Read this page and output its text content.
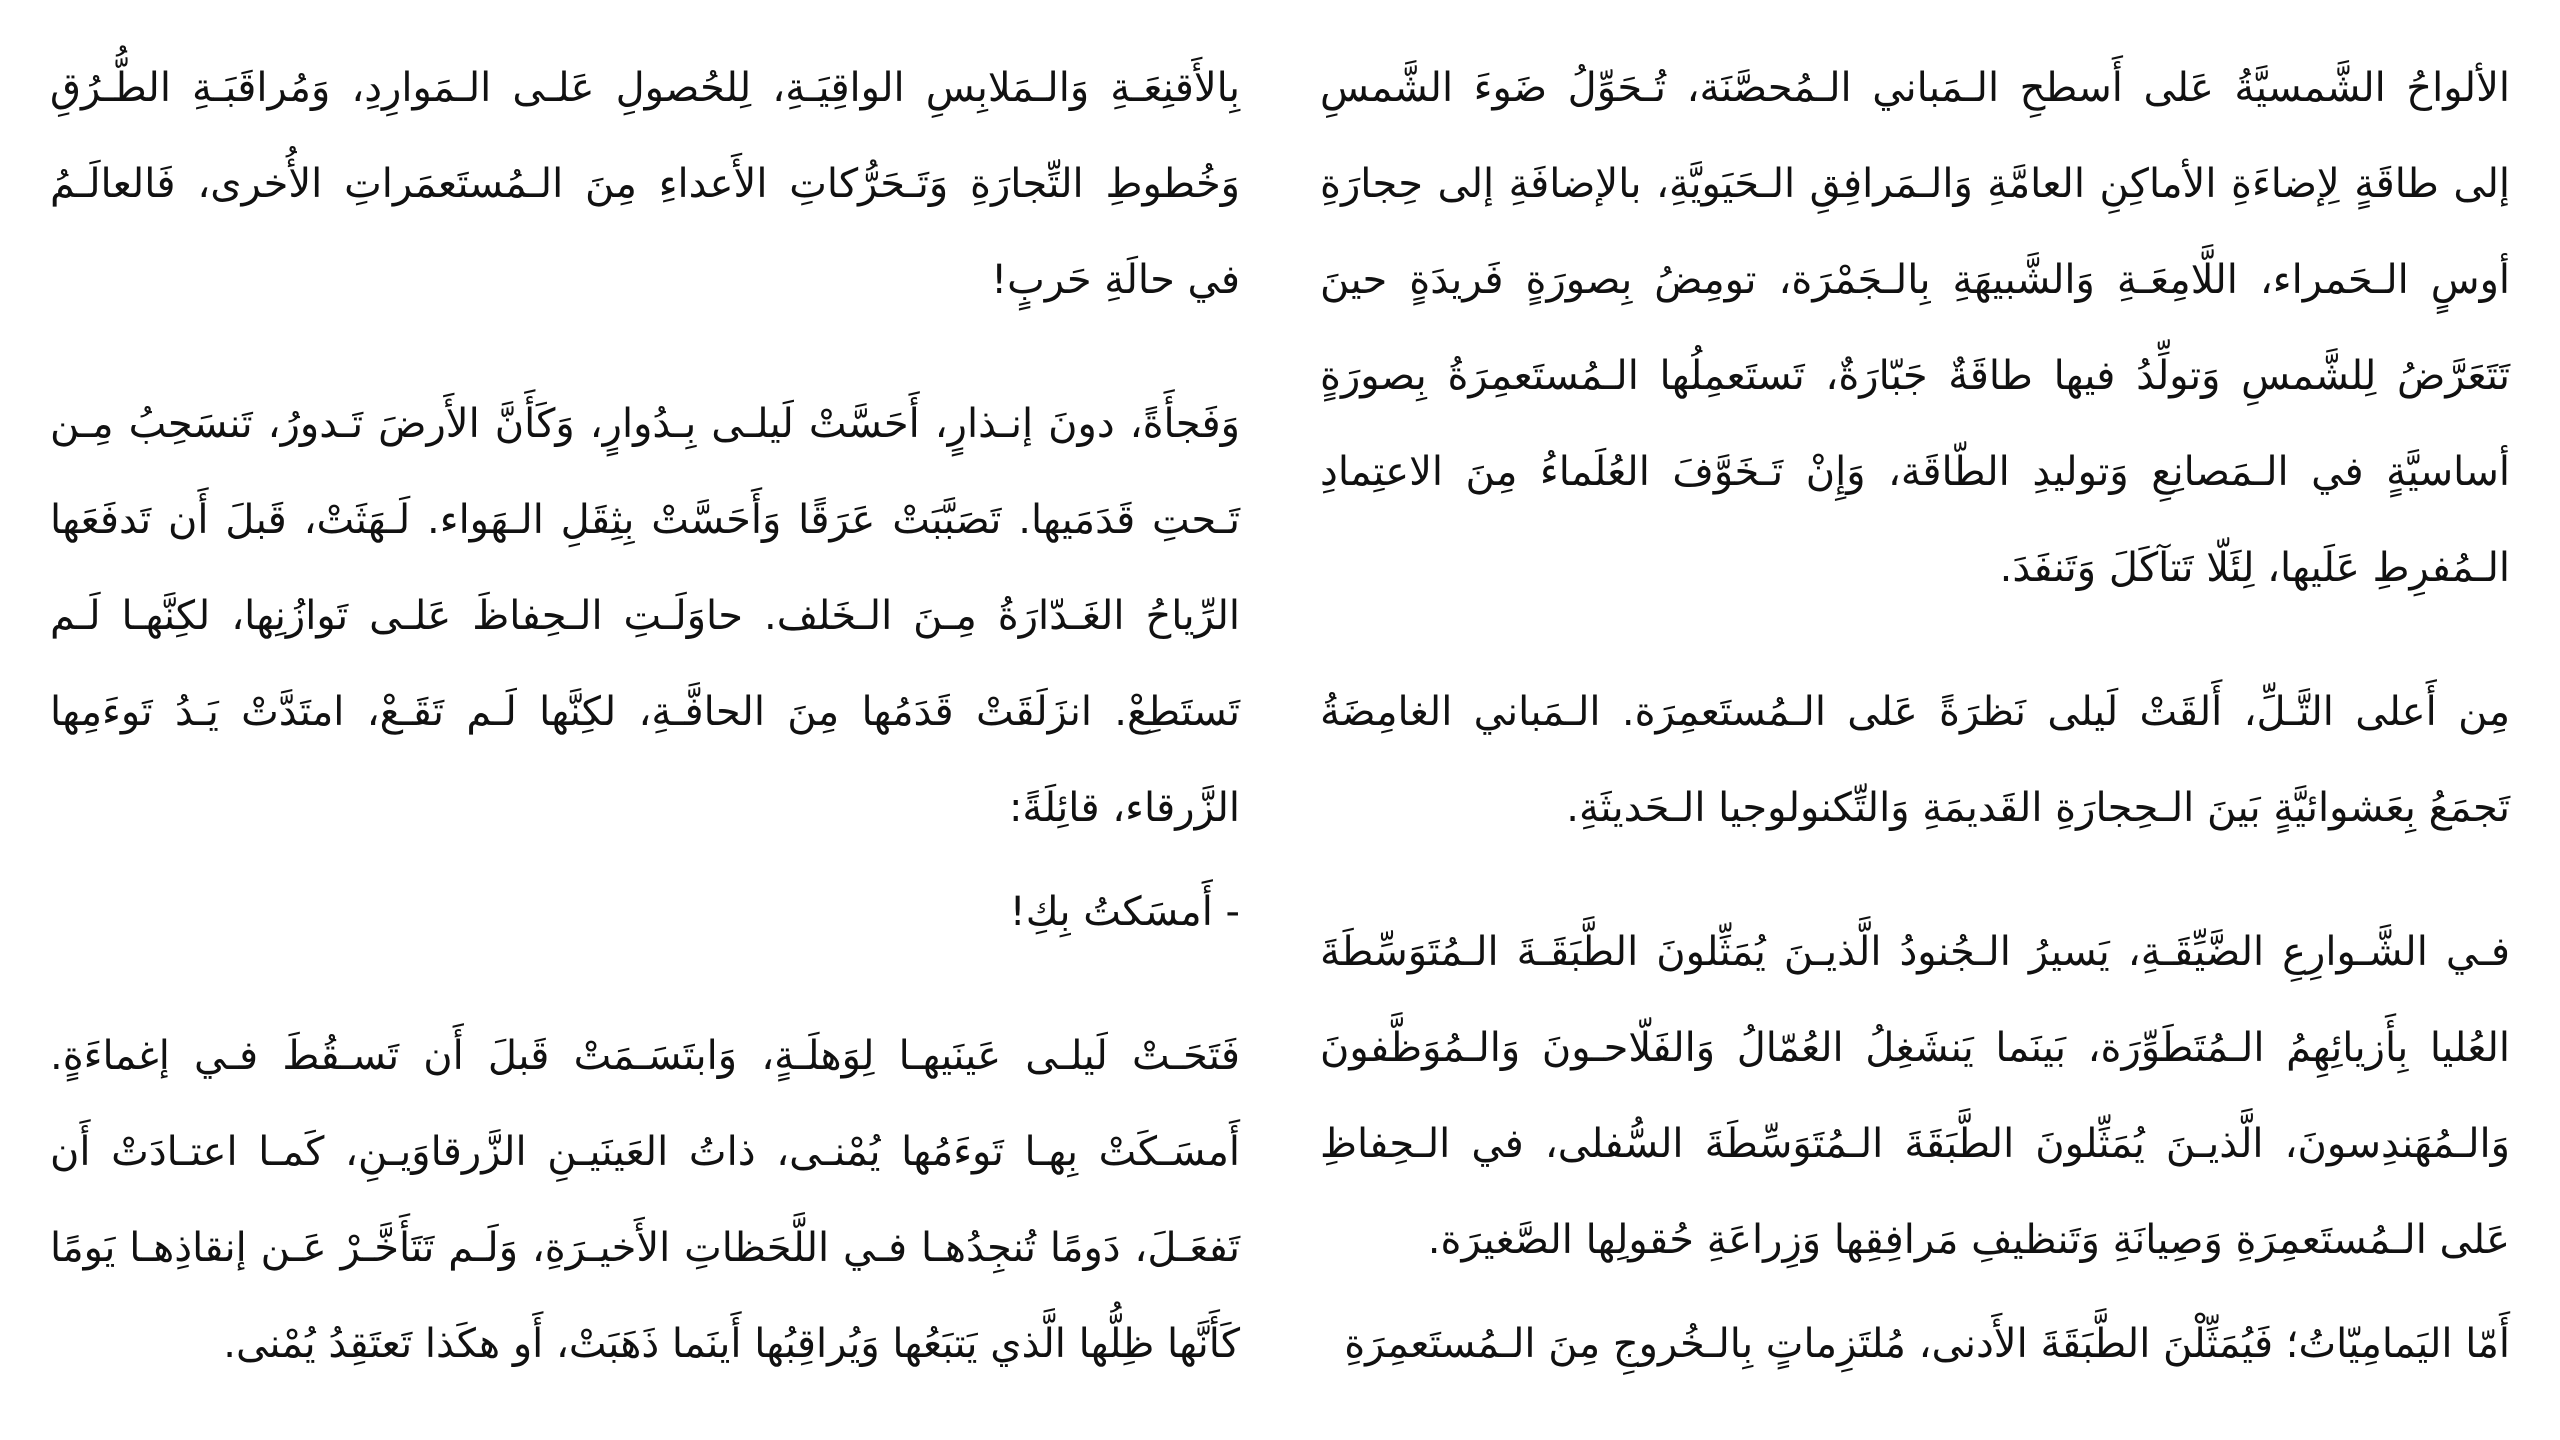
الألواحُ الشَّمسيَّةُ عَلى أَسطحِ الـمَباني الـمُحصَّنَة، تُـحَوِّلُ ضَوءَ الشَّمسِ إلى طاقَةٍ لِإضاءَةِ الأماكِنِ العامَّةِ وَالـمَرافِقِ الـحَيَويَّةِ، بالإضافَةِ إلى حِجارَةِ أوسٍ الـحَمراء، اللَّامِعَـةِ وَالشَّبيهَةِ بِالـجَمْرَة، تومِضُ بِصورَةٍ فَريدَةٍ حينَ تَتَعَرَّضُ لِلشَّمسِ وَتولِّدُ فيها طاقَةٌ جَبّارَةٌ، تَستَعمِلُها الـمُستَعمِرَةُ بِصورَةٍ أساسيَّةٍ في الـمَصانِعِ وَتوليدِ الطّاقَة، وَإِنْ تَـخَوَّفَ العُلَماءُ مِنَ الاعتِمادِ الـمُفرِطِ عَلَيها، لِئَلّا تَتآكَلَ وَتَنفَدَ.

مِن أَعلى التَّـلِّ، أَلقَتْ لَيلى نَظرَةً عَلى الـمُستَعمِرَة. الـمَباني الغامِضَةُ تَجمَعُ بِعَشوائيَّةٍ بَينَ الـحِجارَةِ القَديمَةِ وَالتِّكنولوجيا الـحَديثَةِ.

فـي الشَّـوارِعِ الضَّيِّقَـةِ، يَسيرُ الـجُنودُ الَّذيـنَ يُمَثِّلونَ الطَّبَقَـةَ الـمُتَوَسِّطَةَ العُليا بِأَزيائِهِمُ الـمُتَطَوِّرَة، بَينَما يَنشَغِلُ العُمّالُ وَالفَلّاحـونَ وَالـمُوَظَّفونَ وَالـمُهَندِسونَ، الَّذيـنَ يُمَثِّلونَ الطَّبَقَةَ الـمُتَوَسِّطَةَ السُّفلى، في الـحِفاظِ عَلى الـمُستَعمِرَةِ وَصِيانَةِ وَتَنظيفِ مَرافِقِها وَزِراعَةِ حُقولِها الصَّغيرَة.

أَمّا اليَمامِيّاتُ؛ فَيُمَثِّلْنَ الطَّبَقَةَ الأَدنى، مُلتَزِماتٍ بِالـخُروجِ مِنَ الـمُستَعمِرَةِ

بِالأَقنِعَـةِ وَالـمَلابِسِ الواقِيَـةِ، لِلحُصولِ عَلـى الـمَوارِدِ، وَمُراقَبَـةِ الطُّـرُقِ وَخُطوطِ التِّجارَةِ وَتَـحَرُّكاتِ الأَعداءِ مِنَ الـمُستَعمَراتِ الأُخرى، فَالعالَـمُ في حالَةِ حَربٍ!

وَفَجأَةً، دونَ إنـذارٍ، أَحَسَّتْ لَيلـى بِـدُوارٍ، وَكَأَنَّ الأَرضَ تَـدورُ، تَنسَحِبُ مِـن تَـحتِ قَدَمَيها. تَصَبَّبَتْ عَرَقًا وَأَحَسَّتْ بِثِقَلِ الـهَواء. لَـهَثَتْ، قَبلَ أَن تَدفَعَها الرِّياحُ الغَـدّارَةُ مِـنَ الـخَلف. حاوَلَـتِ الـحِفاظَ عَلـى تَوازُنِها، لكِنَّهـا لَـم تَستَطِعْ. انزَلَقَتْ قَدَمُها مِنَ الحافَّـةِ، لكِنَّها لَـم تَقَـعْ، امتَدَّتْ يَـدُ تَوءَمِها الزَّرقاء، قائِلَةً:

- أَمسَكتُ بِكِ!

فَتَحَـتْ لَيلـى عَينَيهـا لِوَهلَـةٍ، وَابتَسَـمَتْ قَبلَ أَن تَسـقُطَ فـي إغماءَةٍ. أَمسَـكَتْ بِهـا تَوءَمُها يُمْنـى، ذاتُ العَينَيـنِ الزَّرقاوَيـنِ، كَمـا اعتـادَتْ أَن تَفعَـلَ، دَومًا تُنجِدُهـا فـي اللَّحَظاتِ الأَخيـرَةِ، وَلَـم تَتَأَخَّـرْ عَـن إنقاذِهـا يَومًا كَأَنَّها ظِلُّها الَّذي يَتبَعُها وَيُراقِبُها أَينَما ذَهَبَتْ، أَو هكَذا تَعتَقِدُ يُمْنى.
